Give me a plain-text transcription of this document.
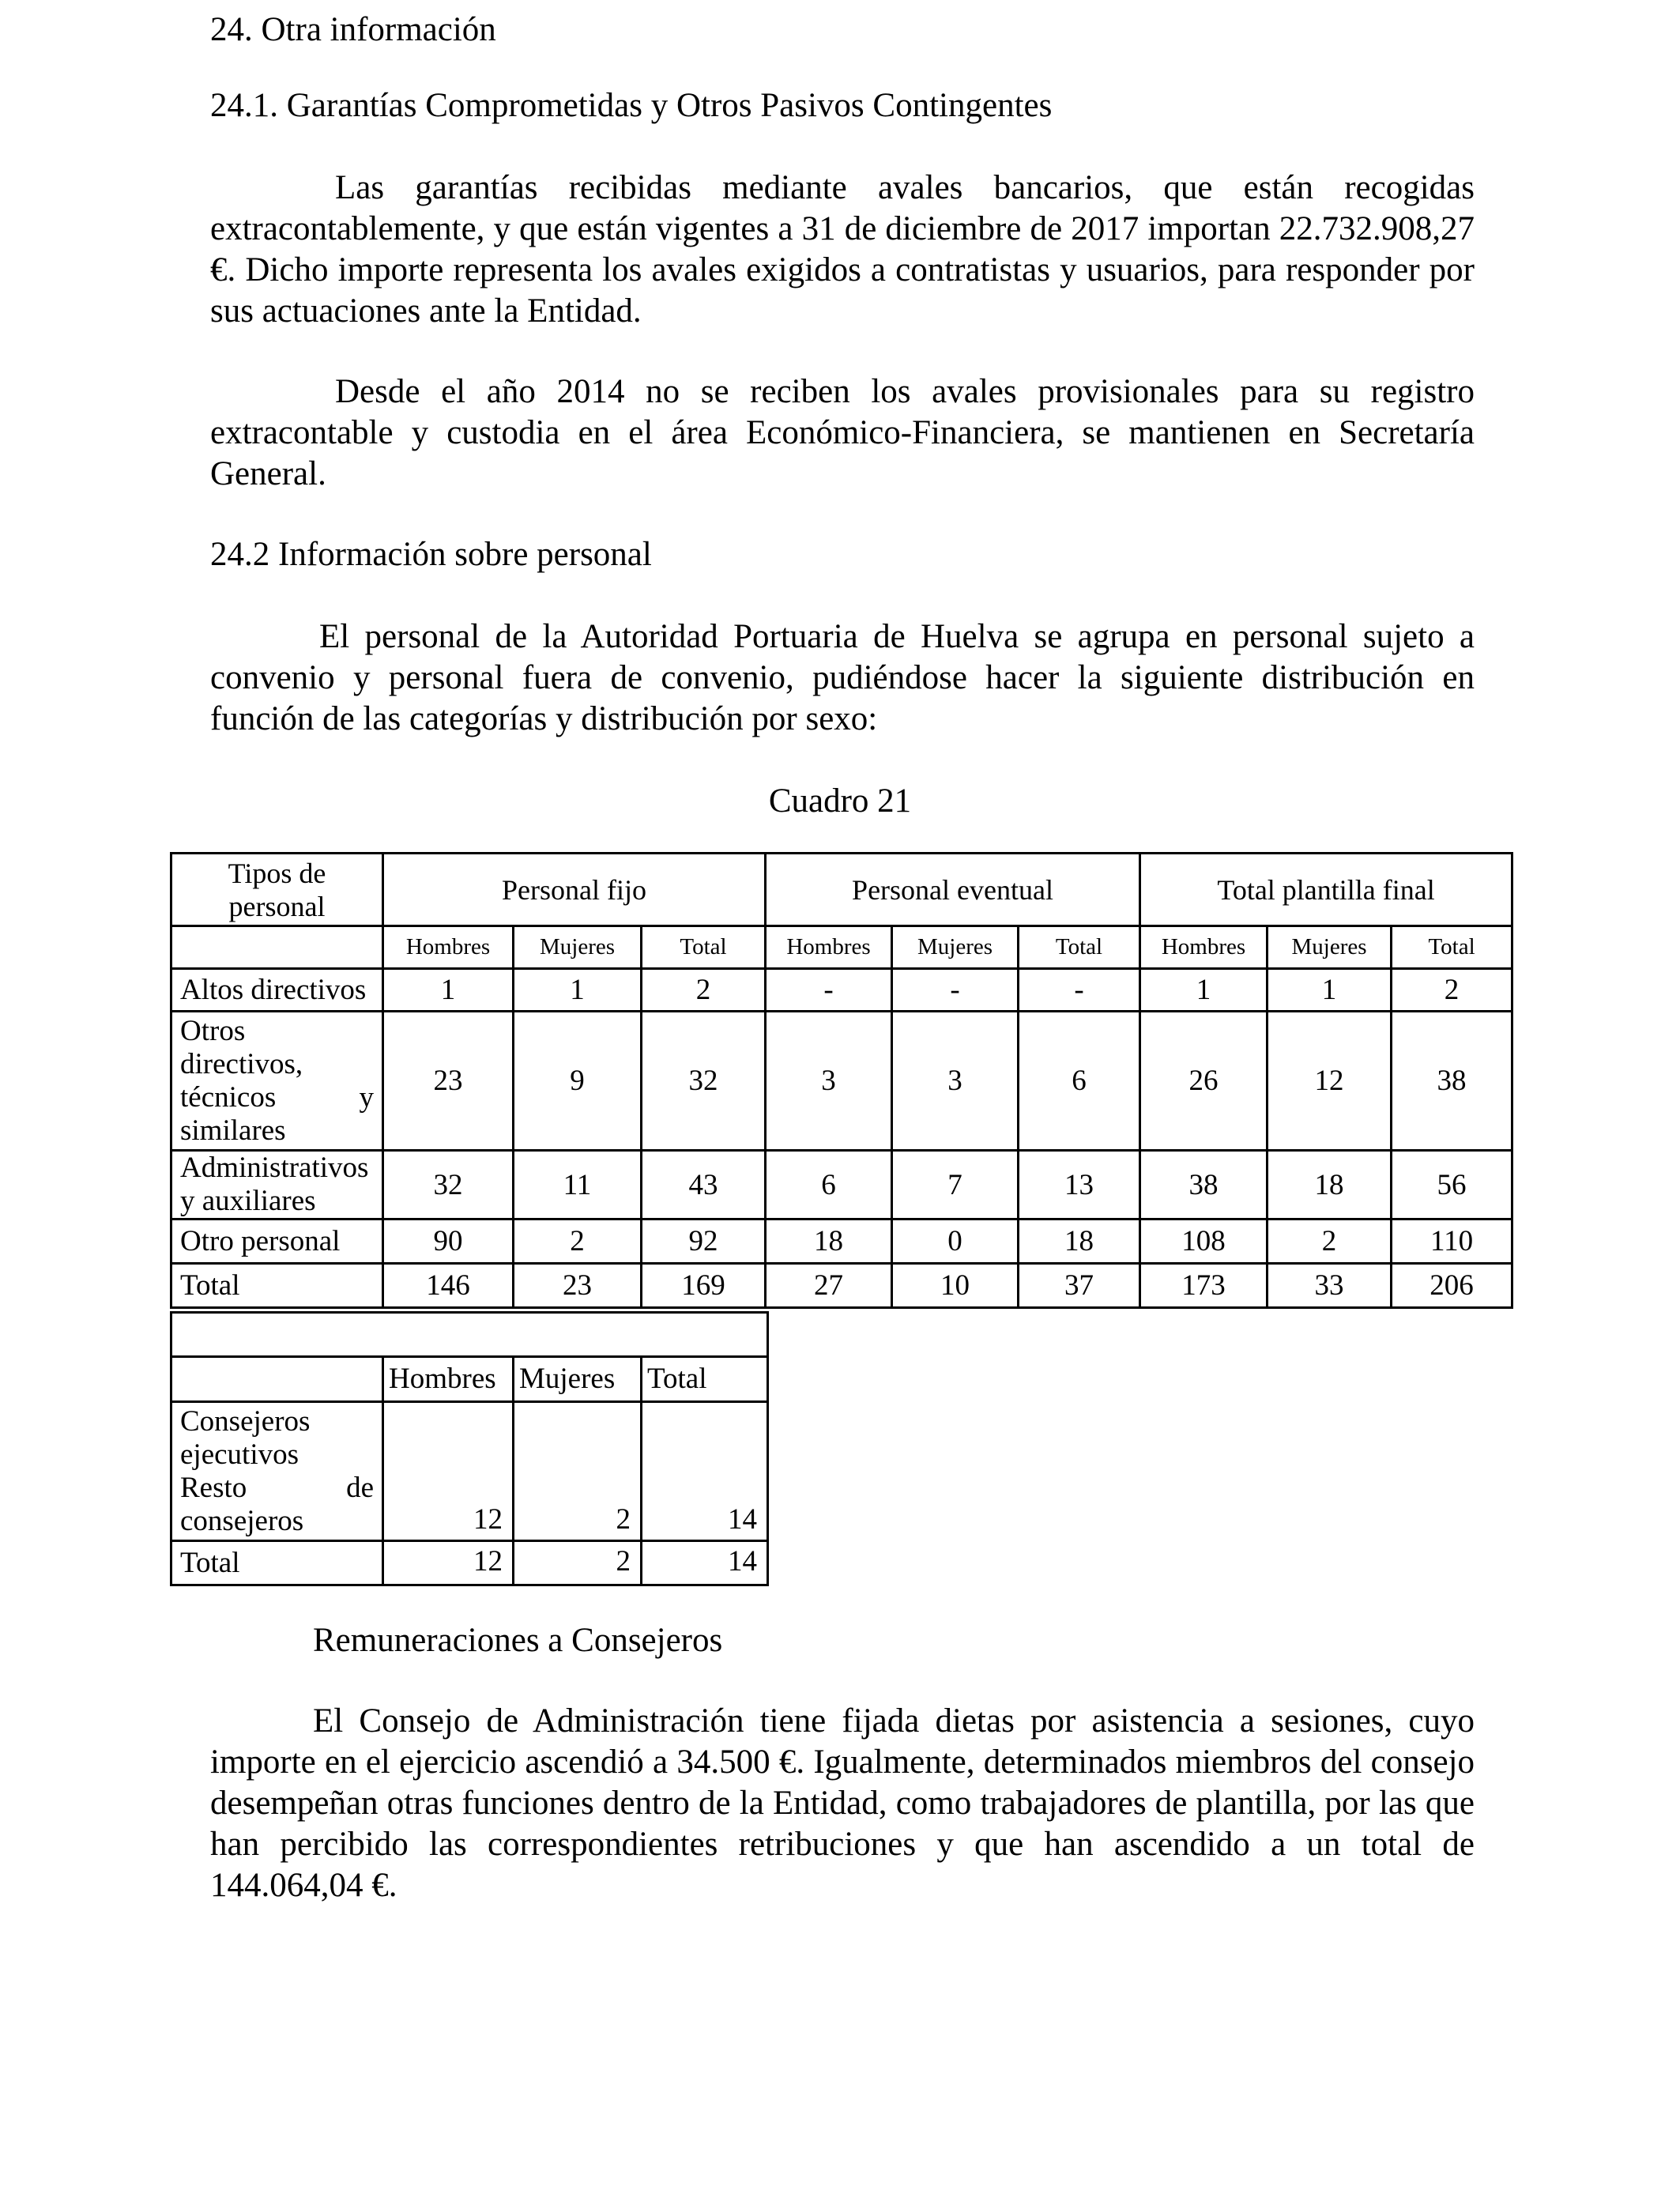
24. Otra información
24.1. Garantías Comprometidas y Otros Pasivos Contingentes

Las garantías recibidas mediante avales bancarios, que están recogidas extracontablemente, y que están vigentes a 31 de diciembre de 2017 importan 22.732.908,27 €. Dicho importe representa los avales exigidos a contratistas y usuarios, para responder por sus actuaciones ante la Entidad.

Desde el año 2014 no se reciben los avales provisionales para su registro extracontable y custodia en el área Económico-Financiera, se mantienen en Secretaría General.

24.2 Información sobre personal

El personal de la Autoridad Portuaria de Huelva se agrupa en personal sujeto a convenio y personal fuera de convenio, pudiéndose hacer la siguiente distribución en función de las categorías y distribución por sexo:

Cuadro 21

Tipos de personal	Personal fijo			Personal eventual			Total plantilla final		
	Hombres	Mujeres	Total	Hombres	Mujeres	Total	Hombres	Mujeres	Total
Altos directivos	1	1	2	-	-	-	1	1	2
Otros directivos, técnicos y similares	23	9	32	3	3	6	26	12	38
Administrativos y auxiliares	32	11	43	6	7	13	38	18	56
Otro personal	90	2	92	18	0	18	108	2	110
Total	146	23	169	27	10	37	173	33	206

	Hombres	Mujeres	Total

Consejeros ejecutivos
Resto de consejeros	12	2	14
Total	12	2	14
Remuneraciones a Consejeros

El Consejo de Administración tiene fijada dietas por asistencia a sesiones, cuyo importe en el ejercicio ascendió a 34.500 €. Igualmente, determinados miembros del consejo desempeñan otras funciones dentro de la Entidad, como trabajadores de plantilla, por las que han percibido las correspondientes retribuciones y que han ascendido a un total de 144.064,04 €.
